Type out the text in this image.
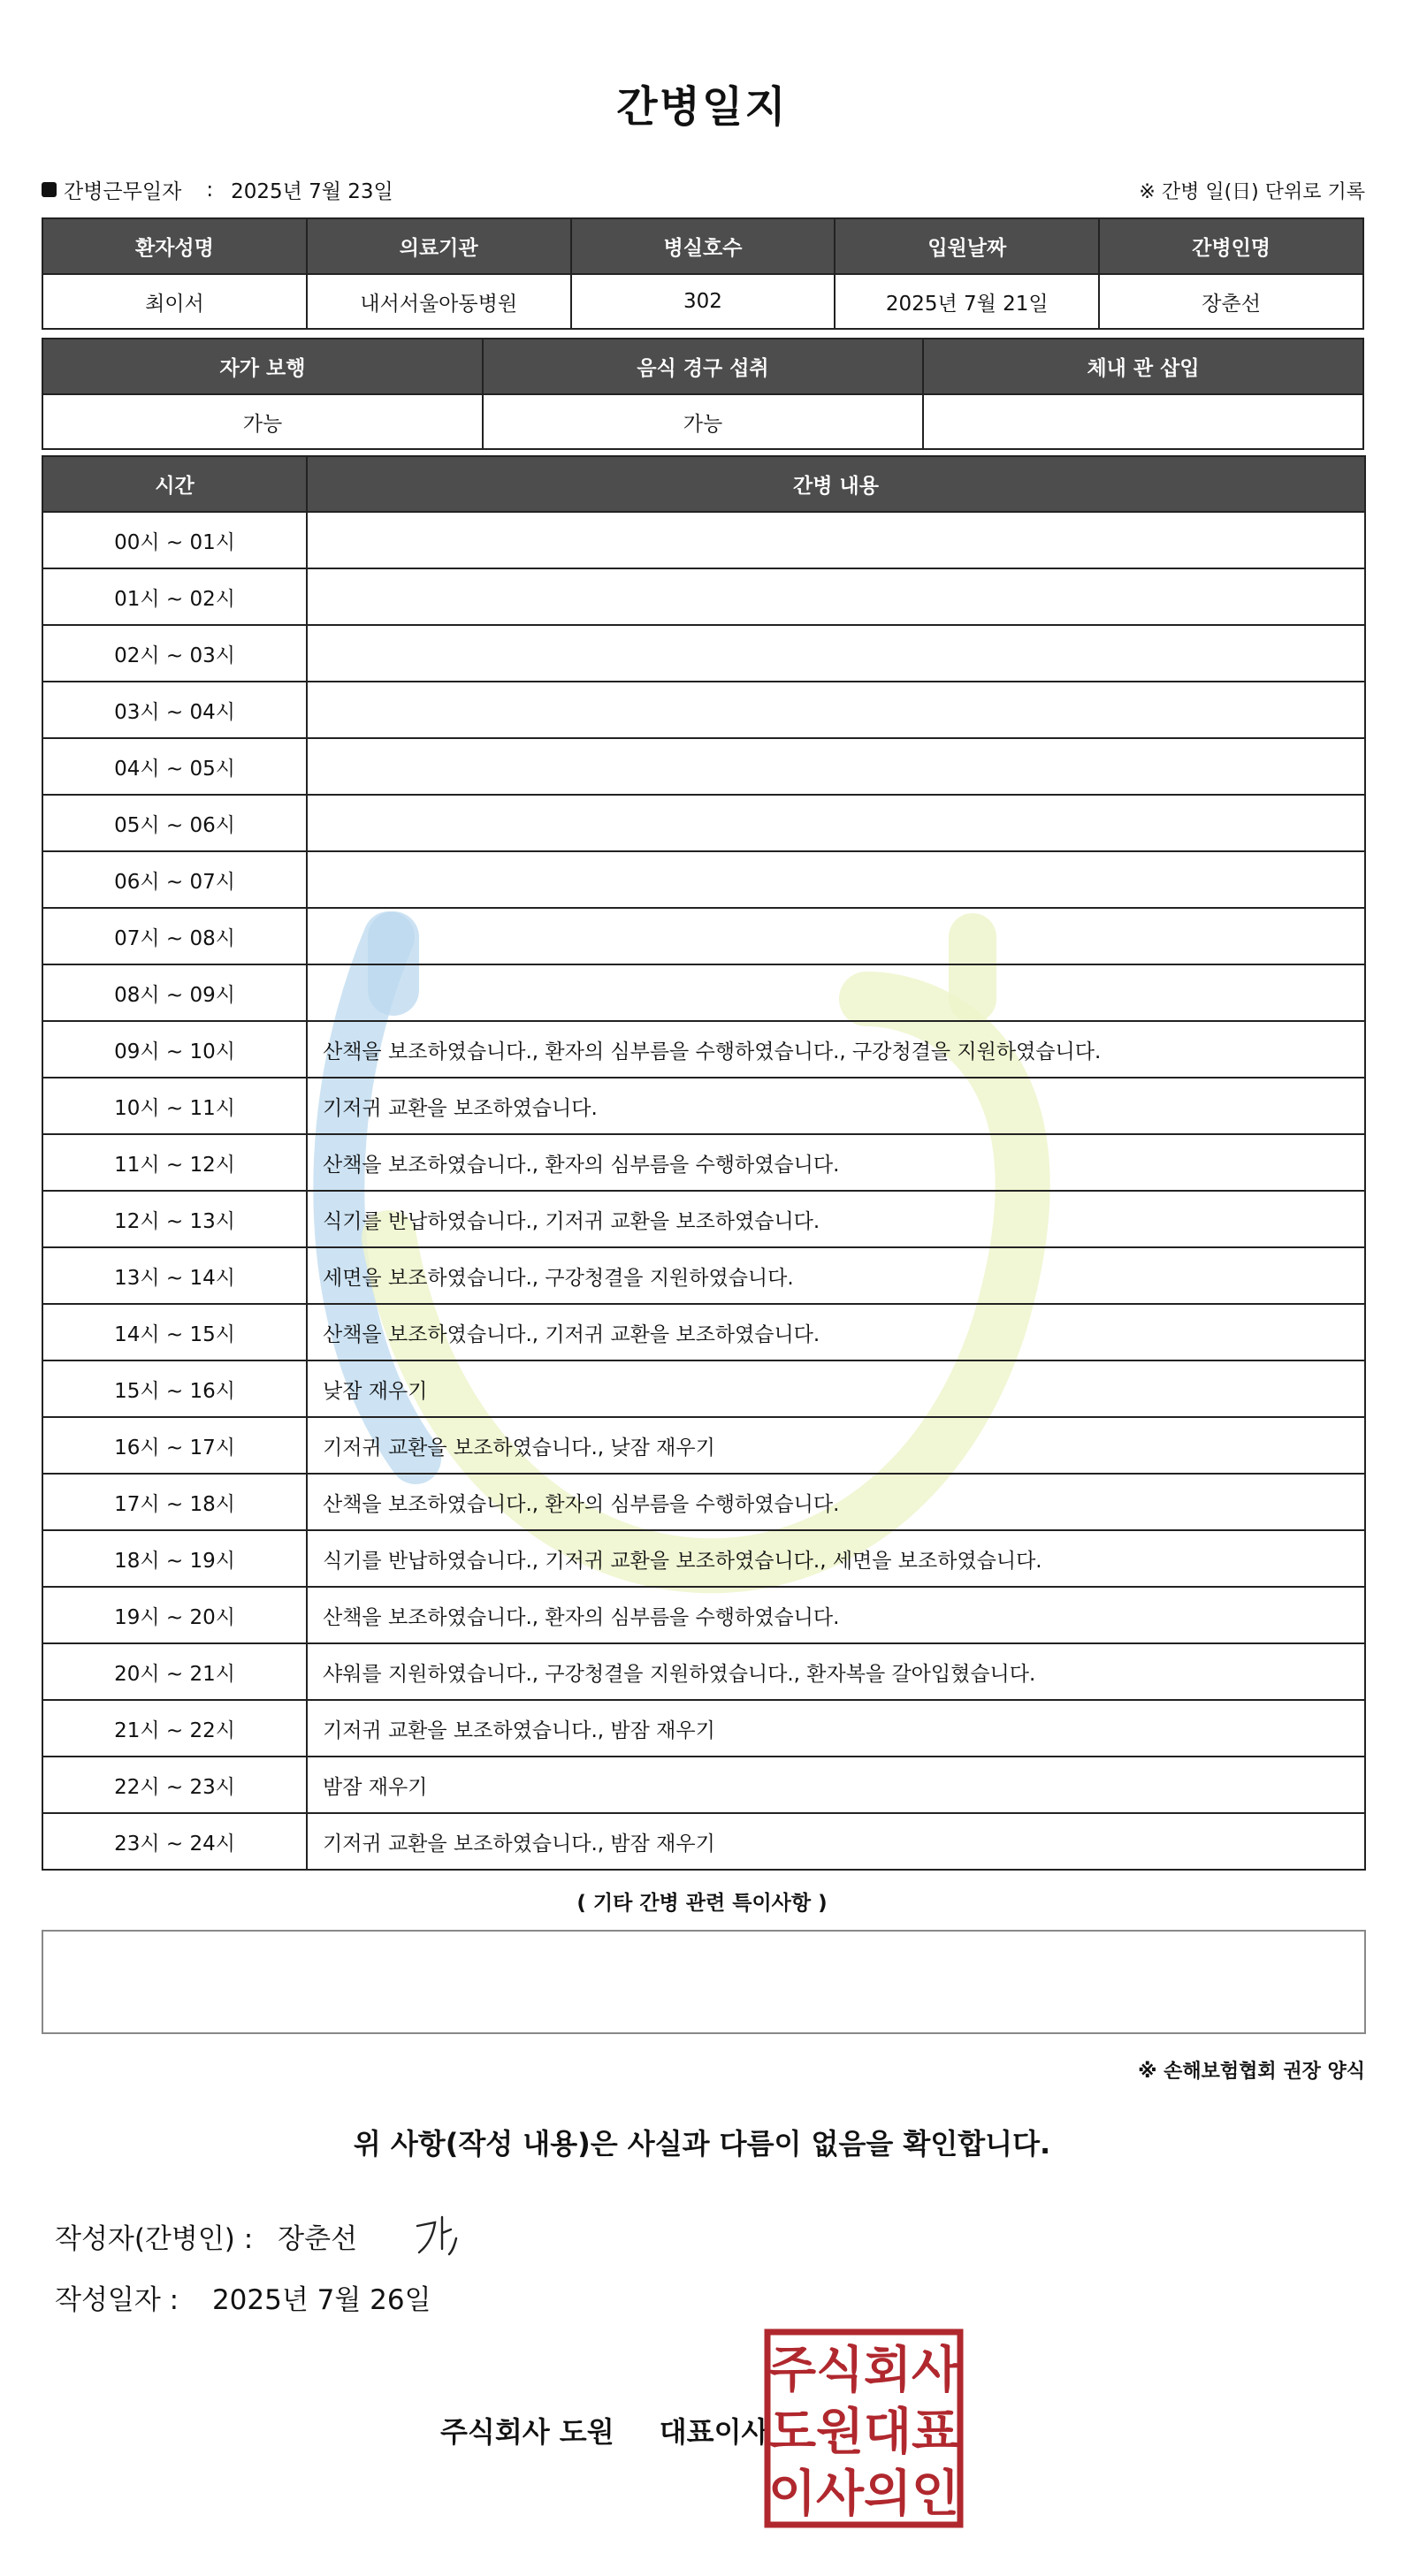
간병일지
간병근무일자 : 2025년 7월 23일	※ 간병 일(日) 단위로 기록
환자성명	의료기관	병실호수	입원날짜	간병인명
최이서	내서서울아동병원	302	2025년 7월 21일	장춘선
자가 보행	음식 경구 섭취	체내 관 삽입
가능	가능	
시간	간병 내용
00시 ~ 01시	
01시 ~ 02시	
02시 ~ 03시	
03시 ~ 04시	
04시 ~ 05시	
05시 ~ 06시	
06시 ~ 07시	
07시 ~ 08시	
08시 ~ 09시	
09시 ~ 10시	산책을 보조하였습니다., 환자의 심부름을 수행하였습니다., 구강청결을 지원하였습니다.
10시 ~ 11시	기저귀 교환을 보조하였습니다.
11시 ~ 12시	산책을 보조하였습니다., 환자의 심부름을 수행하였습니다.
12시 ~ 13시	식기를 반납하였습니다., 기저귀 교환을 보조하였습니다.
13시 ~ 14시	세면을 보조하였습니다., 구강청결을 지원하였습니다.
14시 ~ 15시	산책을 보조하였습니다., 기저귀 교환을 보조하였습니다.
15시 ~ 16시	낮잠 재우기
16시 ~ 17시	기저귀 교환을 보조하였습니다., 낮잠 재우기
17시 ~ 18시	산책을 보조하였습니다., 환자의 심부름을 수행하였습니다.
18시 ~ 19시	식기를 반납하였습니다., 기저귀 교환을 보조하였습니다., 세면을 보조하였습니다.
19시 ~ 20시	산책을 보조하였습니다., 환자의 심부름을 수행하였습니다.
20시 ~ 21시	샤워를 지원하였습니다., 구강청결을 지원하였습니다., 환자복을 갈아입혔습니다.
21시 ~ 22시	기저귀 교환을 보조하였습니다., 밤잠 재우기
22시 ~ 23시	밤잠 재우기
23시 ~ 24시	기저귀 교환을 보조하였습니다., 밤잠 재우기
( 기타 간병 관련 특이사항 )
※ 손해보험협회 권장 양식
위 사항(작성 내용)은 사실과 다름이 없음을 확인합니다.
작성자(간병인) : 장춘선
작성일자 : 2025년 7월 26일
주식회사 도원 대표이사
주 식 회 사
도 원 대 표
이 사 의 인
